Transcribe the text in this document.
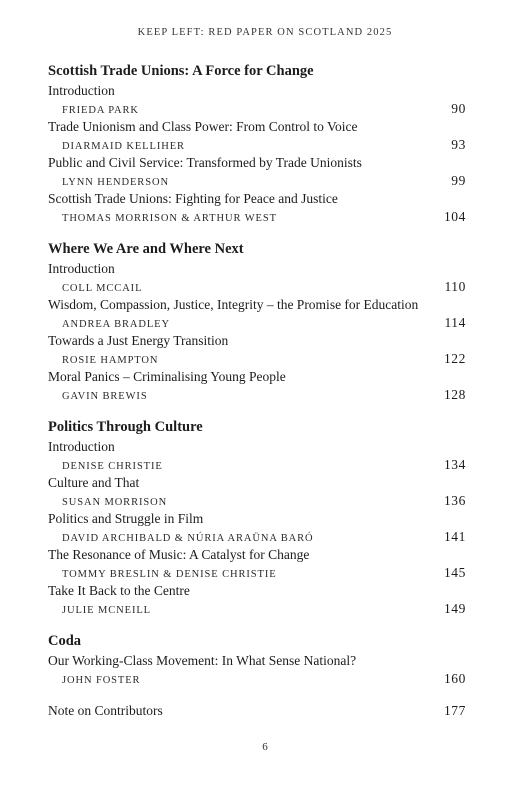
KEEP LEFT: RED PAPER ON SCOTLAND 2025
Scottish Trade Unions: A Force for Change
Introduction
FRIEDA PARK	90
Trade Unionism and Class Power: From Control to Voice
DIARMAID KELLIHER	93
Public and Civil Service: Transformed by Trade Unionists
LYNN HENDERSON	99
Scottish Trade Unions: Fighting for Peace and Justice
THOMAS MORRISON & ARTHUR WEST	104
Where We Are and Where Next
Introduction
COLL MCCAIL	110
Wisdom, Compassion, Justice, Integrity – the Promise for Education
ANDREA BRADLEY	114
Towards a Just Energy Transition
ROSIE HAMPTON	122
Moral Panics – Criminalising Young People
GAVIN BREWIS	128
Politics Through Culture
Introduction
DENISE CHRISTIE	134
Culture and That
SUSAN MORRISON	136
Politics and Struggle in Film
DAVID ARCHIBALD & NÚRIA ARAÜNA BARÓ	141
The Resonance of Music: A Catalyst for Change
TOMMY BRESLIN & DENISE CHRISTIE	145
Take It Back to the Centre
JULIE MCNEILL	149
Coda
Our Working-Class Movement: In What Sense National?
JOHN FOSTER	160
Note on Contributors	177
6
